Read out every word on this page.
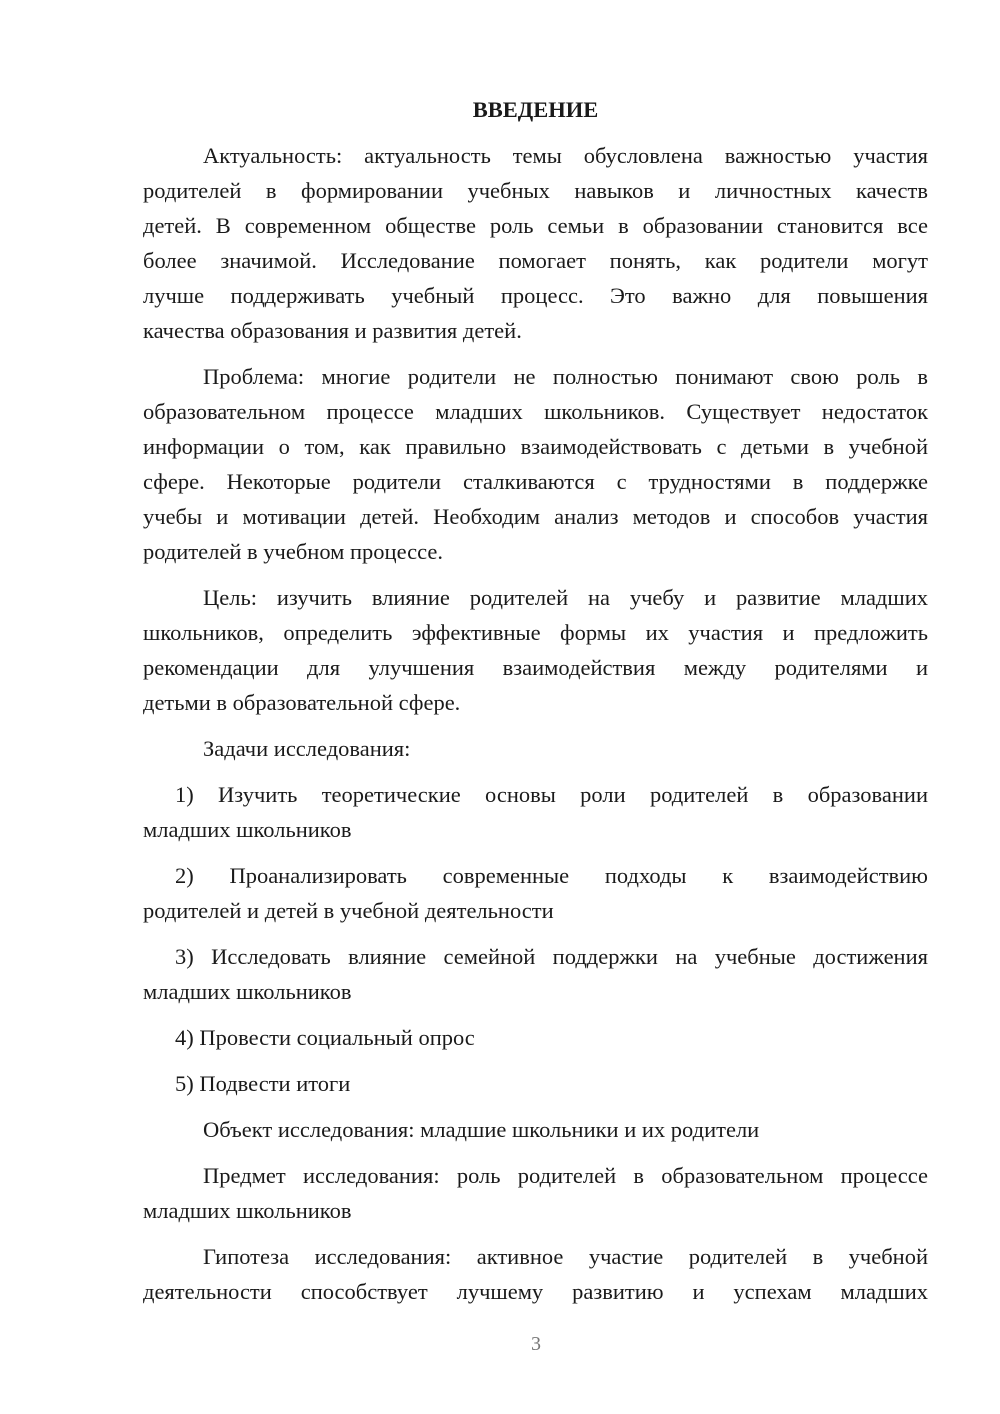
ВВЕДЕНИЕ
Актуальность: актуальность темы обусловлена важностью участия
родителей в формировании учебных навыков и личностных качеств
детей. В современном обществе роль семьи в образовании становится все
более значимой. Исследование помогает понять, как родители могут
лучше поддерживать учебный процесс. Это важно для повышения
качества образования и развития детей.
Проблема: многие родители не полностью понимают свою роль в
образовательном процессе младших школьников. Существует недостаток
информации о том, как правильно взаимодействовать с детьми в учебной
сфере. Некоторые родители сталкиваются с трудностями в поддержке
учебы и мотивации детей. Необходим анализ методов и способов участия
родителей в учебном процессе.
Цель: изучить влияние родителей на учебу и развитие младших
школьников, определить эффективные формы их участия и предложить
рекомендации для улучшения взаимодействия между родителями и
детьми в образовательной сфере.
Задачи исследования:
1) Изучить теоретические основы роли родителей в образовании
младших школьников
2) Проанализировать современные подходы к взаимодействию
родителей и детей в учебной деятельности
3) Исследовать влияние семейной поддержки на учебные достижения
младших школьников
4) Провести социальный опрос
5) Подвести итоги
Объект исследования: младшие школьники и их родители
Предмет исследования: роль родителей в образовательном процессе
младших школьников
Гипотеза исследования: активное участие родителей в учебной
деятельности способствует лучшему развитию и успехам младших
3
